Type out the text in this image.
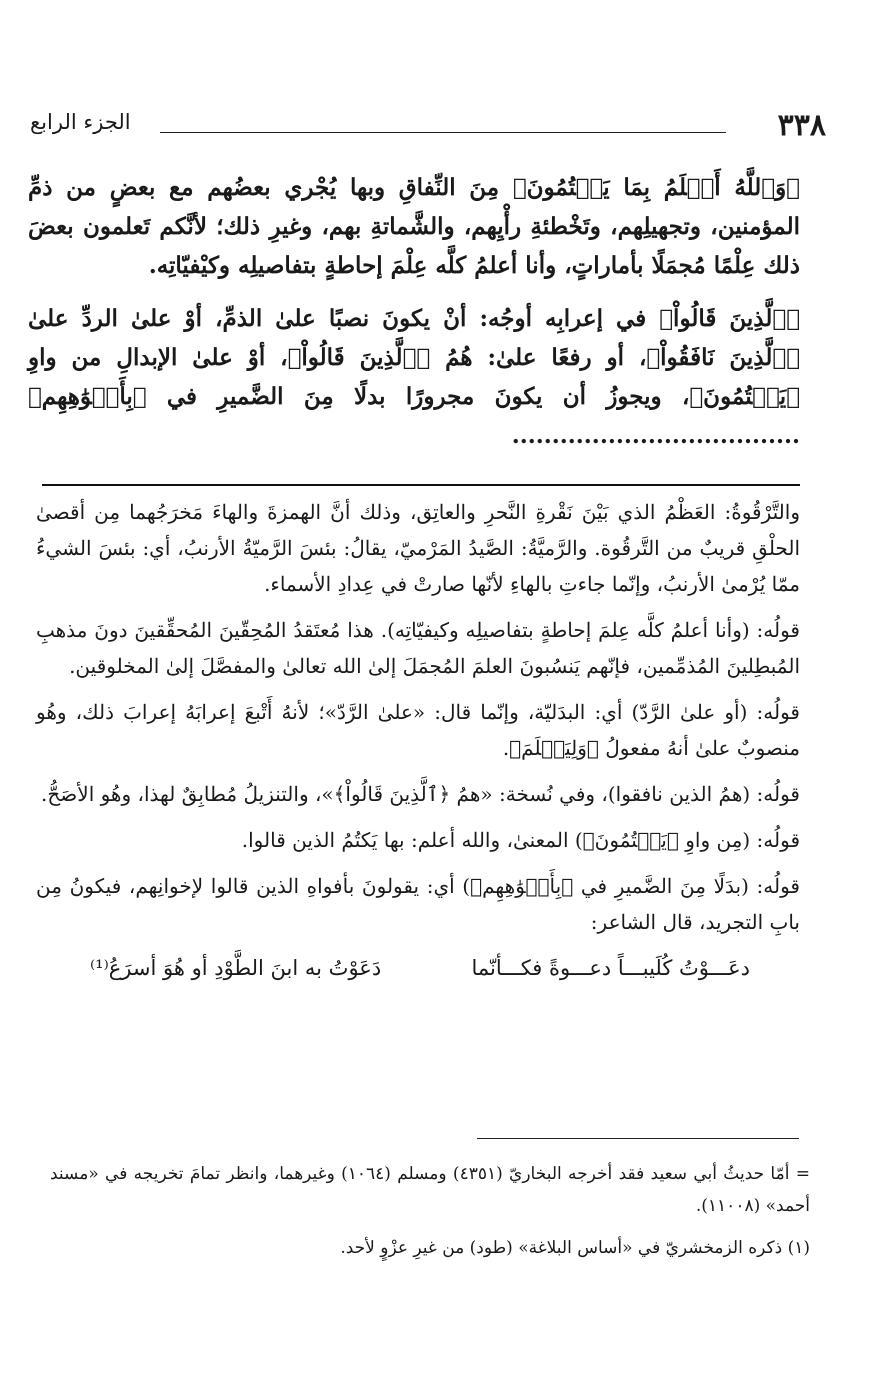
٣٣٨
الجزء الرابع

﴿وَٱللَّهُ أَعۡلَمُ بِمَا يَكۡتُمُونَ﴾ مِنَ النِّفاقِ وبها يُجْري بعضُهم مع بعضٍ من ذمِّ المؤمنين، وتجهيلِهم، وتَخْطئةِ رأْيِهم، والشَّماتةِ بهم، وغيرِ ذلك؛ لأنَّكم تَعلمون بعضَ ذلك عِلْمًا مُجمَلًا بأماراتٍ، وأنا أعلمُ كلَّه عِلْمَ إحاطةٍ بتفاصيلِه وكيْفيّاتِه.

﴿ٱلَّذِينَ قَالُواْ﴾ في إعرابِه أوجُه: أنْ يكونَ نصبًا علىٰ الذمِّ، أوْ علىٰ الردِّ علىٰ ﴿ٱلَّذِينَ نَافَقُواْ﴾، أو رفعًا علىٰ: هُمُ ﴿ٱلَّذِينَ قَالُواْ﴾، أوْ علىٰ الإبدالِ من واوِ ﴿يَكۡتُمُونَ﴾، ويجوزُ أن يكونَ مجرورًا بدلًا مِنَ الضَّميرِ في ﴿بِأَفۡوَٰهِهِم﴾ ....................................

والتَّرْقُوةُ: العَظْمُ الذي بَيْنَ نَقْرةِ النَّحرِ والعاتِق، وذلك أنَّ الهمزةَ والهاءَ مَخرَجُهما مِن أقصىٰ الحلْقِ قريبٌ من التَّرقُوة. والرَّميَّةُ: الصَّيدُ المَرْميّ، يقالُ: بئسَ الرَّميّةُ الأرنبُ، أي: بئسَ الشيءُ ممّا يُرْمىٰ الأرنبُ، وإنّما جاءتِ بالهاءِ لأنّها صارتْ في عِدادِ الأسماء.

قولُه: (وأنا أعلمُ كلَّه عِلمَ إحاطةٍ بتفاصيلِه وكيفيّاتِه). هذا مُعتَقدُ المُحِقّينَ المُحقِّقينَ دونَ مذهبِ المُبطِلينَ المُذمِّمين، فإنّهم يَنسُبونَ العلمَ المُجمَلَ إلىٰ الله تعالىٰ والمفصَّلَ إلىٰ المخلوقين.

قولُه: (أو علىٰ الرَّدّ) أي: البدَليّة، وإنّما قال: «علىٰ الرَّدّ»؛ لأنهُ أَتْبعَ إعرابَهُ إعرابَ ذلك، وهُو منصوبٌ علىٰ أنهُ مفعولُ ﴿وَلِيَعۡلَمَ﴾.

قولُه: (همُ الذين نافقوا)، وفي نُسخة: «همُ ﴿ٱلَّذِينَ قَالُواْ﴾»، والتنزيلُ مُطابِقٌ لهذا، وهُو الأصَحُّ.

قولُه: (مِن واوِ ﴿يَكۡتُمُونَ﴾) المعنىٰ، والله أعلم: بها يَكتُمُ الذين قالوا.

قولُه: (بدَلًا مِنَ الضَّميرِ في ﴿بِأَفۡوَٰهِهِم﴾) أي: يقولونَ بأفواهِ الذين قالوا لإخوانِهم، فيكونُ مِن بابِ التجريد، قال الشاعر:

دعَـــوْتُ كُلَيبـــاً دعـــوةً فكـــأنّما
دَعَوْتُ به ابنَ الطَّوْدِ أو هُوَ أسرَعُ⁽¹⁾

= أمّا حديثُ أبي سعيد فقد أخرجه البخاريّ (٤٣٥١) ومسلم (١٠٦٤) وغيرهما، وانظر تمامَ تخريجه في «مسند أحمد» (١١٠٠٨).

(١) ذكره الزمخشريّ في «أساس البلاغة» (طود) من غيرِ عزْوٍ لأحد.
